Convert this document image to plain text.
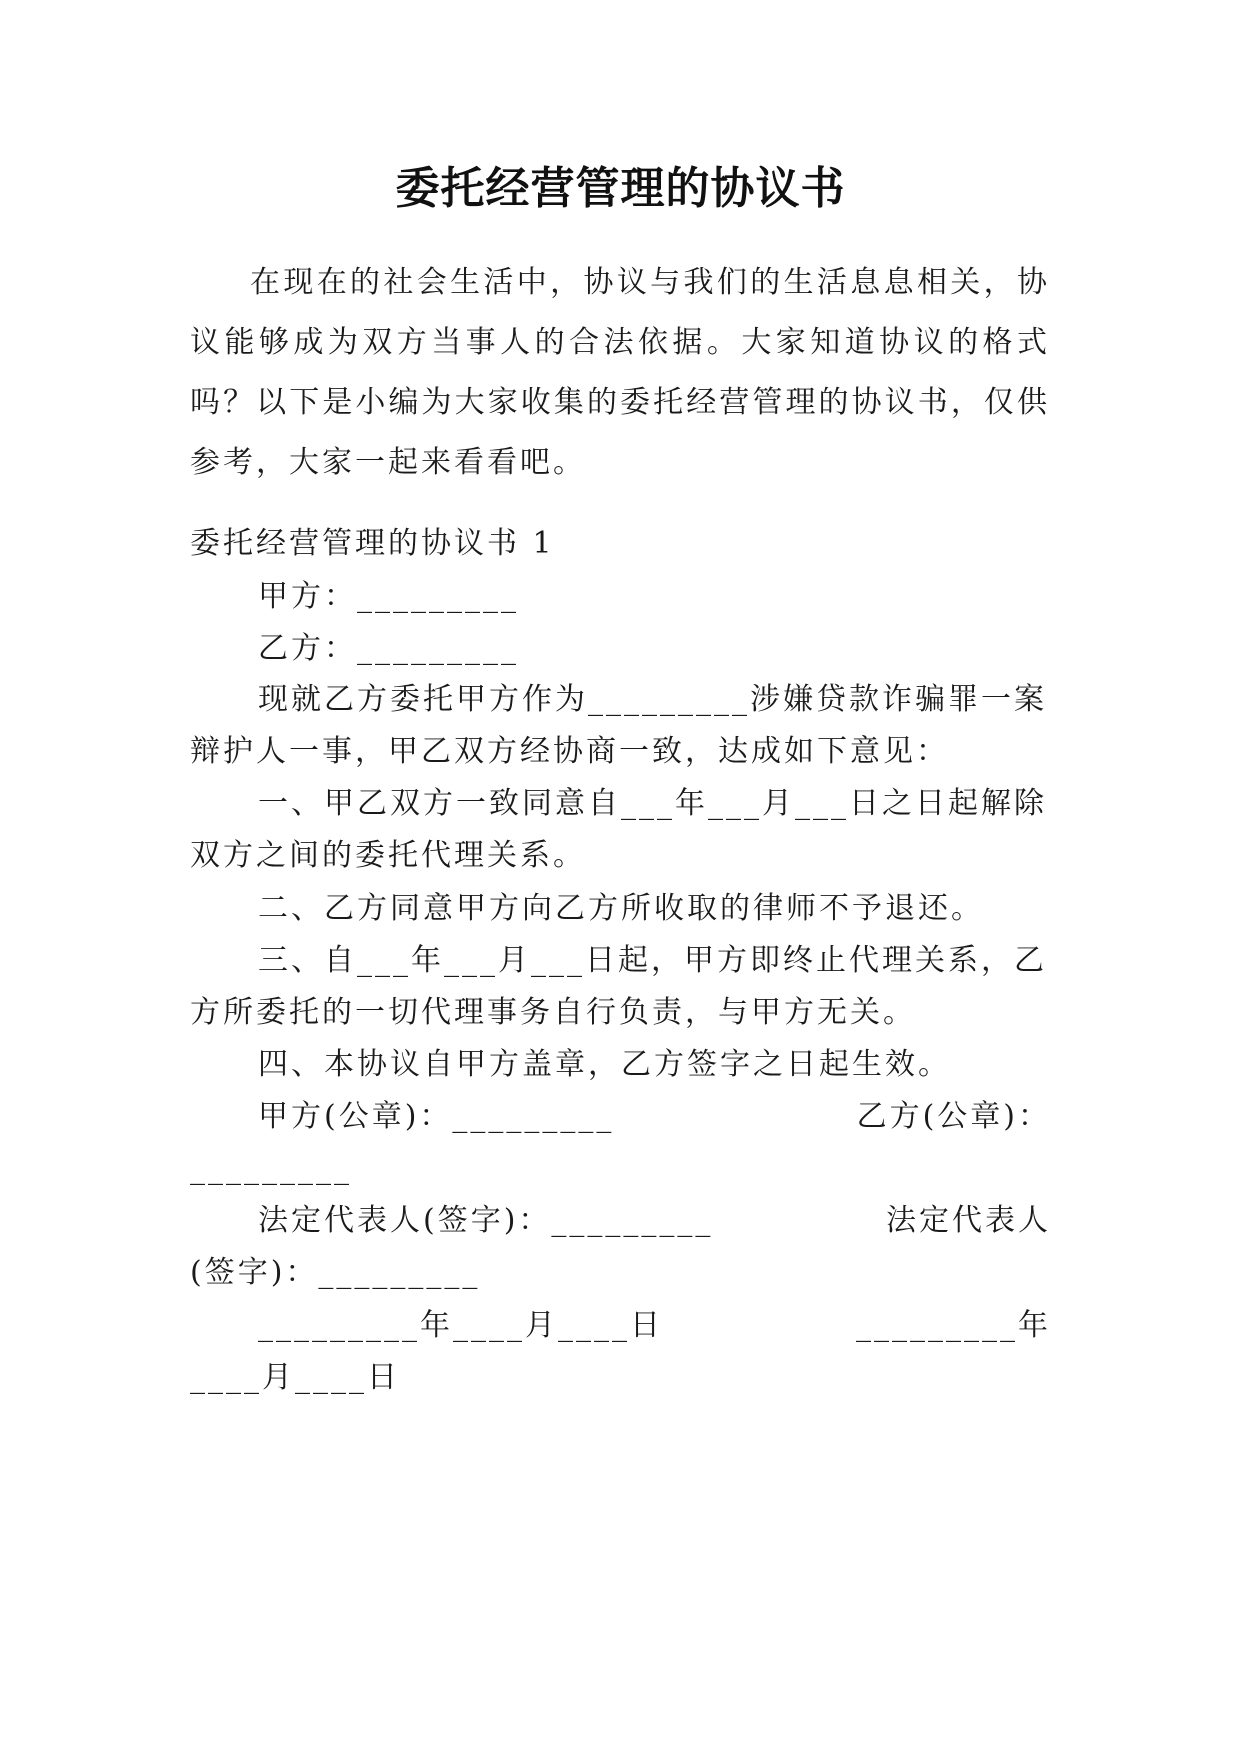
委托经营管理的协议书
在现在的社会生活中，协议与我们的生活息息相关，协议能够成为双方当事人的合法依据。大家知道协议的格式吗？以下是小编为大家收集的委托经营管理的协议书，仅供参考，大家一起来看看吧。
委托经营管理的协议书 1
甲方：_________
乙方：_________
现就乙方委托甲方作为_________涉嫌贷款诈骗罪一案
辩护人一事，甲乙双方经协商一致，达成如下意见：
一、甲乙双方一致同意自___年___月___日之日起解除
双方之间的委托代理关系。
二、乙方同意甲方向乙方所收取的律师不予退还。
三、自___年___月___日起，甲方即终止代理关系，乙
方所委托的一切代理事务自行负责，与甲方无关。
四、本协议自甲方盖章，乙方签字之日起生效。
甲方(公章)：_________	乙方(公章)：
_________
法定代表人(签字)：_________	法定代表人
(签字)：_________
_________年____月____日	_________年
____月____日
